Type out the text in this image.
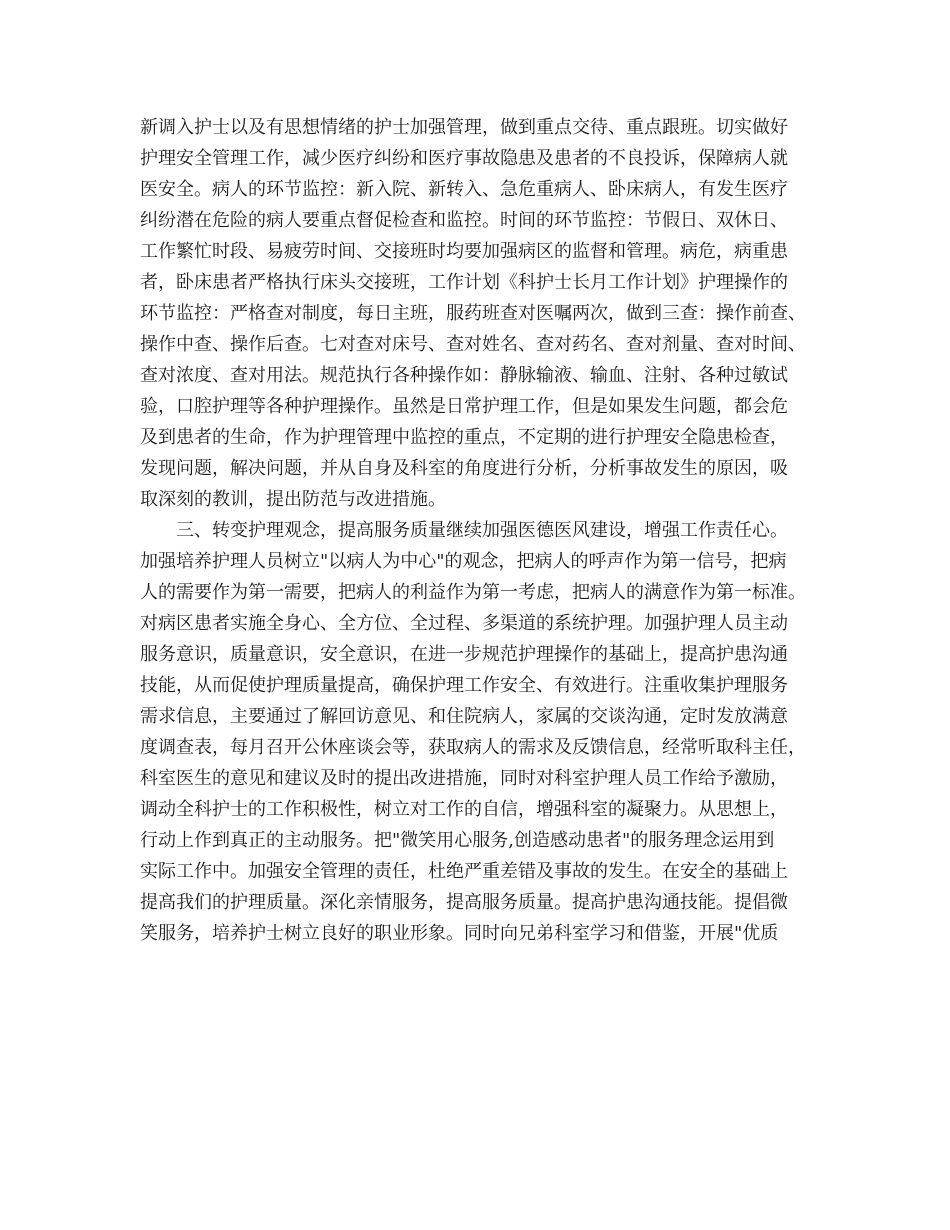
新调入护士以及有思想情绪的护士加强管理，做到重点交待、重点跟班。切实做好
护理安全管理工作，减少医疗纠纷和医疗事故隐患及患者的不良投诉，保障病人就
医安全。病人的环节监控：新入院、新转入、急危重病人、卧床病人，有发生医疗
纠纷潜在危险的病人要重点督促检查和监控。时间的环节监控：节假日、双休日、
工作繁忙时段、易疲劳时间、交接班时均要加强病区的监督和管理。病危，病重患
者，卧床患者严格执行床头交接班，工作计划《科护士长月工作计划》护理操作的
环节监控：严格查对制度，每日主班，服药班查对医嘱两次，做到三查：操作前查、
操作中查、操作后查。七对查对床号、查对姓名、查对药名、查对剂量、查对时间、
查对浓度、查对用法。规范执行各种操作如：静脉输液、输血、注射、各种过敏试
验，口腔护理等各种护理操作。虽然是日常护理工作，但是如果发生问题，都会危
及到患者的生命，作为护理管理中监控的重点，不定期的进行护理安全隐患检查，
发现问题，解决问题，并从自身及科室的角度进行分析，分析事故发生的原因，吸
取深刻的教训，提出防范与改进措施。
三、转变护理观念，提高服务质量继续加强医德医风建设，增强工作责任心。
加强培养护理人员树立"以病人为中心"的观念，把病人的呼声作为第一信号，把病
人的需要作为第一需要，把病人的利益作为第一考虑，把病人的满意作为第一标准。
对病区患者实施全身心、全方位、全过程、多渠道的系统护理。加强护理人员主动
服务意识，质量意识，安全意识，在进一步规范护理操作的基础上，提高护患沟通
技能，从而促使护理质量提高，确保护理工作安全、有效进行。注重收集护理服务
需求信息，主要通过了解回访意见、和住院病人，家属的交谈沟通，定时发放满意
度调查表，每月召开公休座谈会等，获取病人的需求及反馈信息，经常听取科主任，
科室医生的意见和建议及时的提出改进措施，同时对科室护理人员工作给予激励，
调动全科护士的工作积极性，树立对工作的自信，增强科室的凝聚力。从思想上，
行动上作到真正的主动服务。把"微笑用心服务,创造感动患者"的服务理念运用到
实际工作中。加强安全管理的责任，杜绝严重差错及事故的发生。在安全的基础上
提高我们的护理质量。深化亲情服务，提高服务质量。提高护患沟通技能。提倡微
笑服务，培养护士树立良好的职业形象。同时向兄弟科室学习和借鉴，开展"优质
